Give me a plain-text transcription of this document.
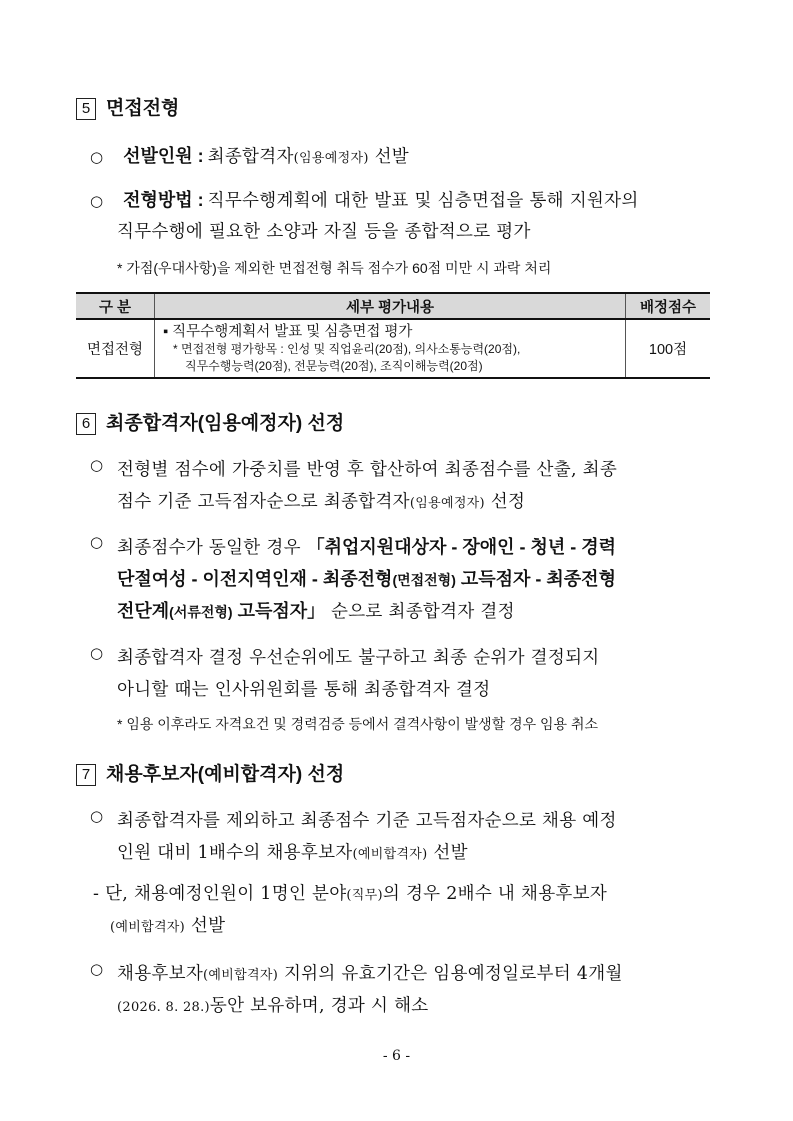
5 면접전형
○ 선발인원 : 최종합격자(임용예정자) 선발
○ 전형방법 : 직무수행계획에 대한 발표 및 심층면접을 통해 지원자의
직무수행에 필요한 소양과 자질 등을 종합적으로 평가
* 가점(우대사항)을 제외한 면접전형 취득 점수가 60점 미만 시 과락 처리
구 분	세부 평가내용	배정점수
면접전형	▪ 직무수행계획서 발표 및 심층면접 평가
* 면접전형 평가항목 : 인성 및 직업윤리(20점), 의사소통능력(20점),
직무수행능력(20점), 전문능력(20점), 조직이해능력(20점)	100점
6 최종합격자(임용예정자) 선정
○ 전형별 점수에 가중치를 반영 후 합산하여 최종점수를 산출, 최종
점수 기준 고득점자순으로 최종합격자(임용예정자) 선정
○ 최종점수가 동일한 경우 「취업지원대상자 - 장애인 - 청년 - 경력
단절여성 - 이전지역인재 - 최종전형(면접전형) 고득점자 - 최종전형
전단계(서류전형) 고득점자」 순으로 최종합격자 결정
○ 최종합격자 결정 우선순위에도 불구하고 최종 순위가 결정되지
아니할 때는 인사위원회를 통해 최종합격자 결정
* 임용 이후라도 자격요건 및 경력검증 등에서 결격사항이 발생할 경우 임용 취소
7 채용후보자(예비합격자) 선정
○ 최종합격자를 제외하고 최종점수 기준 고득점자순으로 채용 예정
인원 대비 1배수의 채용후보자(예비합격자) 선발
- 단, 채용예정인원이 1명인 분야(직무)의 경우 2배수 내 채용후보자
(예비합격자) 선발
○ 채용후보자(예비합격자) 지위의 유효기간은 임용예정일로부터 4개월
(2026. 8. 28.)동안 보유하며, 경과 시 해소
- 6 -
